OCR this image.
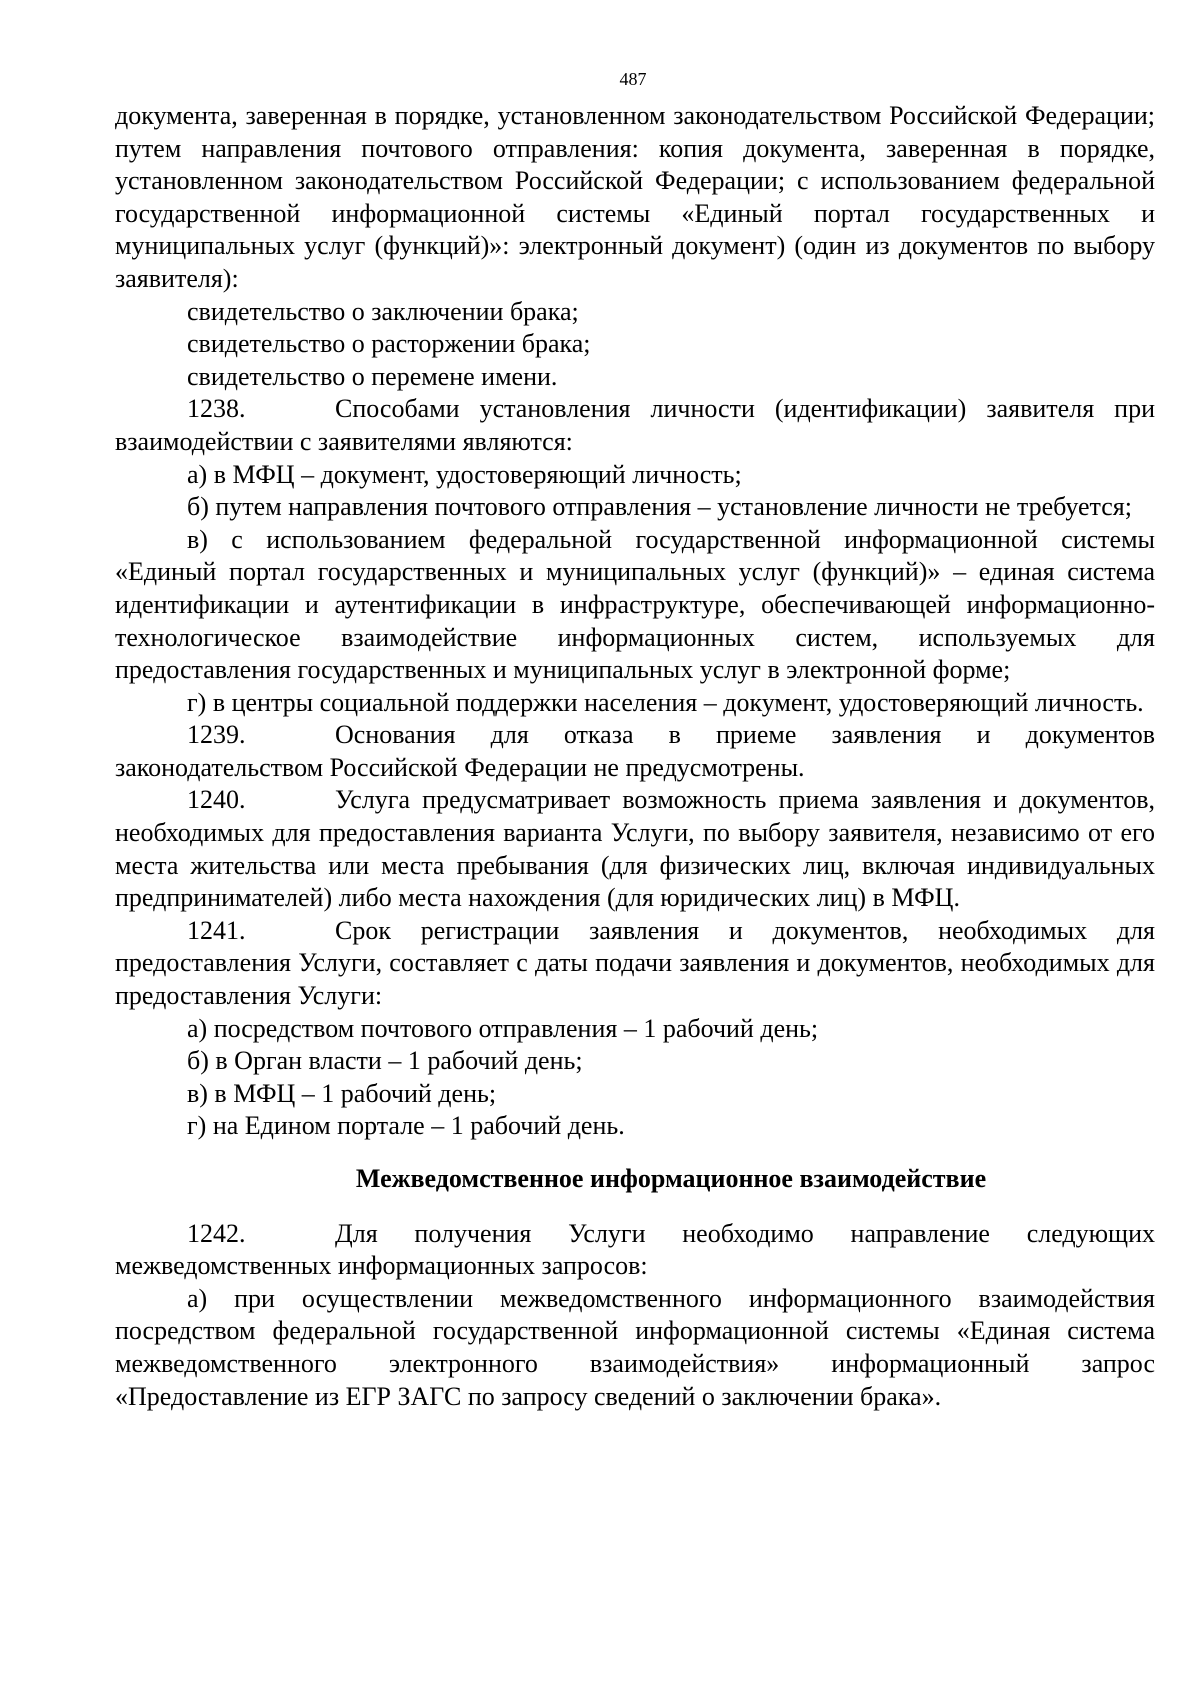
487

документа, заверенная в порядке, установленном законодательством Российской Федерации; путем направления почтового отправления: копия документа, заверенная в порядке, установленном законодательством Российской Федерации; с использованием федеральной государственной информационной системы «Единый портал государственных и муниципальных услуг (функций)»: электронный документ) (один из документов по выбору заявителя):

свидетельство о заключении брака;

свидетельство о расторжении брака;

свидетельство о перемене имени.

1238.	Способами установления личности (идентификации) заявителя при взаимодействии с заявителями являются:

а) в МФЦ – документ, удостоверяющий личность;

б) путем направления почтового отправления – установление личности не требуется;

в) с использованием федеральной государственной информационной системы «Единый портал государственных и муниципальных услуг (функций)» – единая система идентификации и аутентификации в инфраструктуре, обеспечивающей информационно-технологическое взаимодействие информационных систем, используемых для предоставления государственных и муниципальных услуг в электронной форме;

г) в центры социальной поддержки населения – документ, удостоверяющий личность.

1239.	Основания для отказа в приеме заявления и документов законодательством Российской Федерации не предусмотрены.

1240.	Услуга предусматривает возможность приема заявления и документов, необходимых для предоставления варианта Услуги, по выбору заявителя, независимо от его места жительства или места пребывания (для физических лиц, включая индивидуальных предпринимателей) либо места нахождения (для юридических лиц) в МФЦ.

1241.	Срок регистрации заявления и документов, необходимых для предоставления Услуги, составляет с даты подачи заявления и документов, необходимых для предоставления Услуги:

а) посредством почтового отправления – 1 рабочий день;

б) в Орган власти – 1 рабочий день;

в) в МФЦ – 1 рабочий день;

г) на Едином портале – 1 рабочий день.

Межведомственное информационное взаимодействие

1242.	Для получения Услуги необходимо направление следующих межведомственных информационных запросов:

а) при осуществлении межведомственного информационного взаимодействия посредством федеральной государственной информационной системы «Единая система межведомственного электронного взаимодействия» информационный запрос «Предоставление из ЕГР ЗАГС по запросу сведений о заключении брака».
